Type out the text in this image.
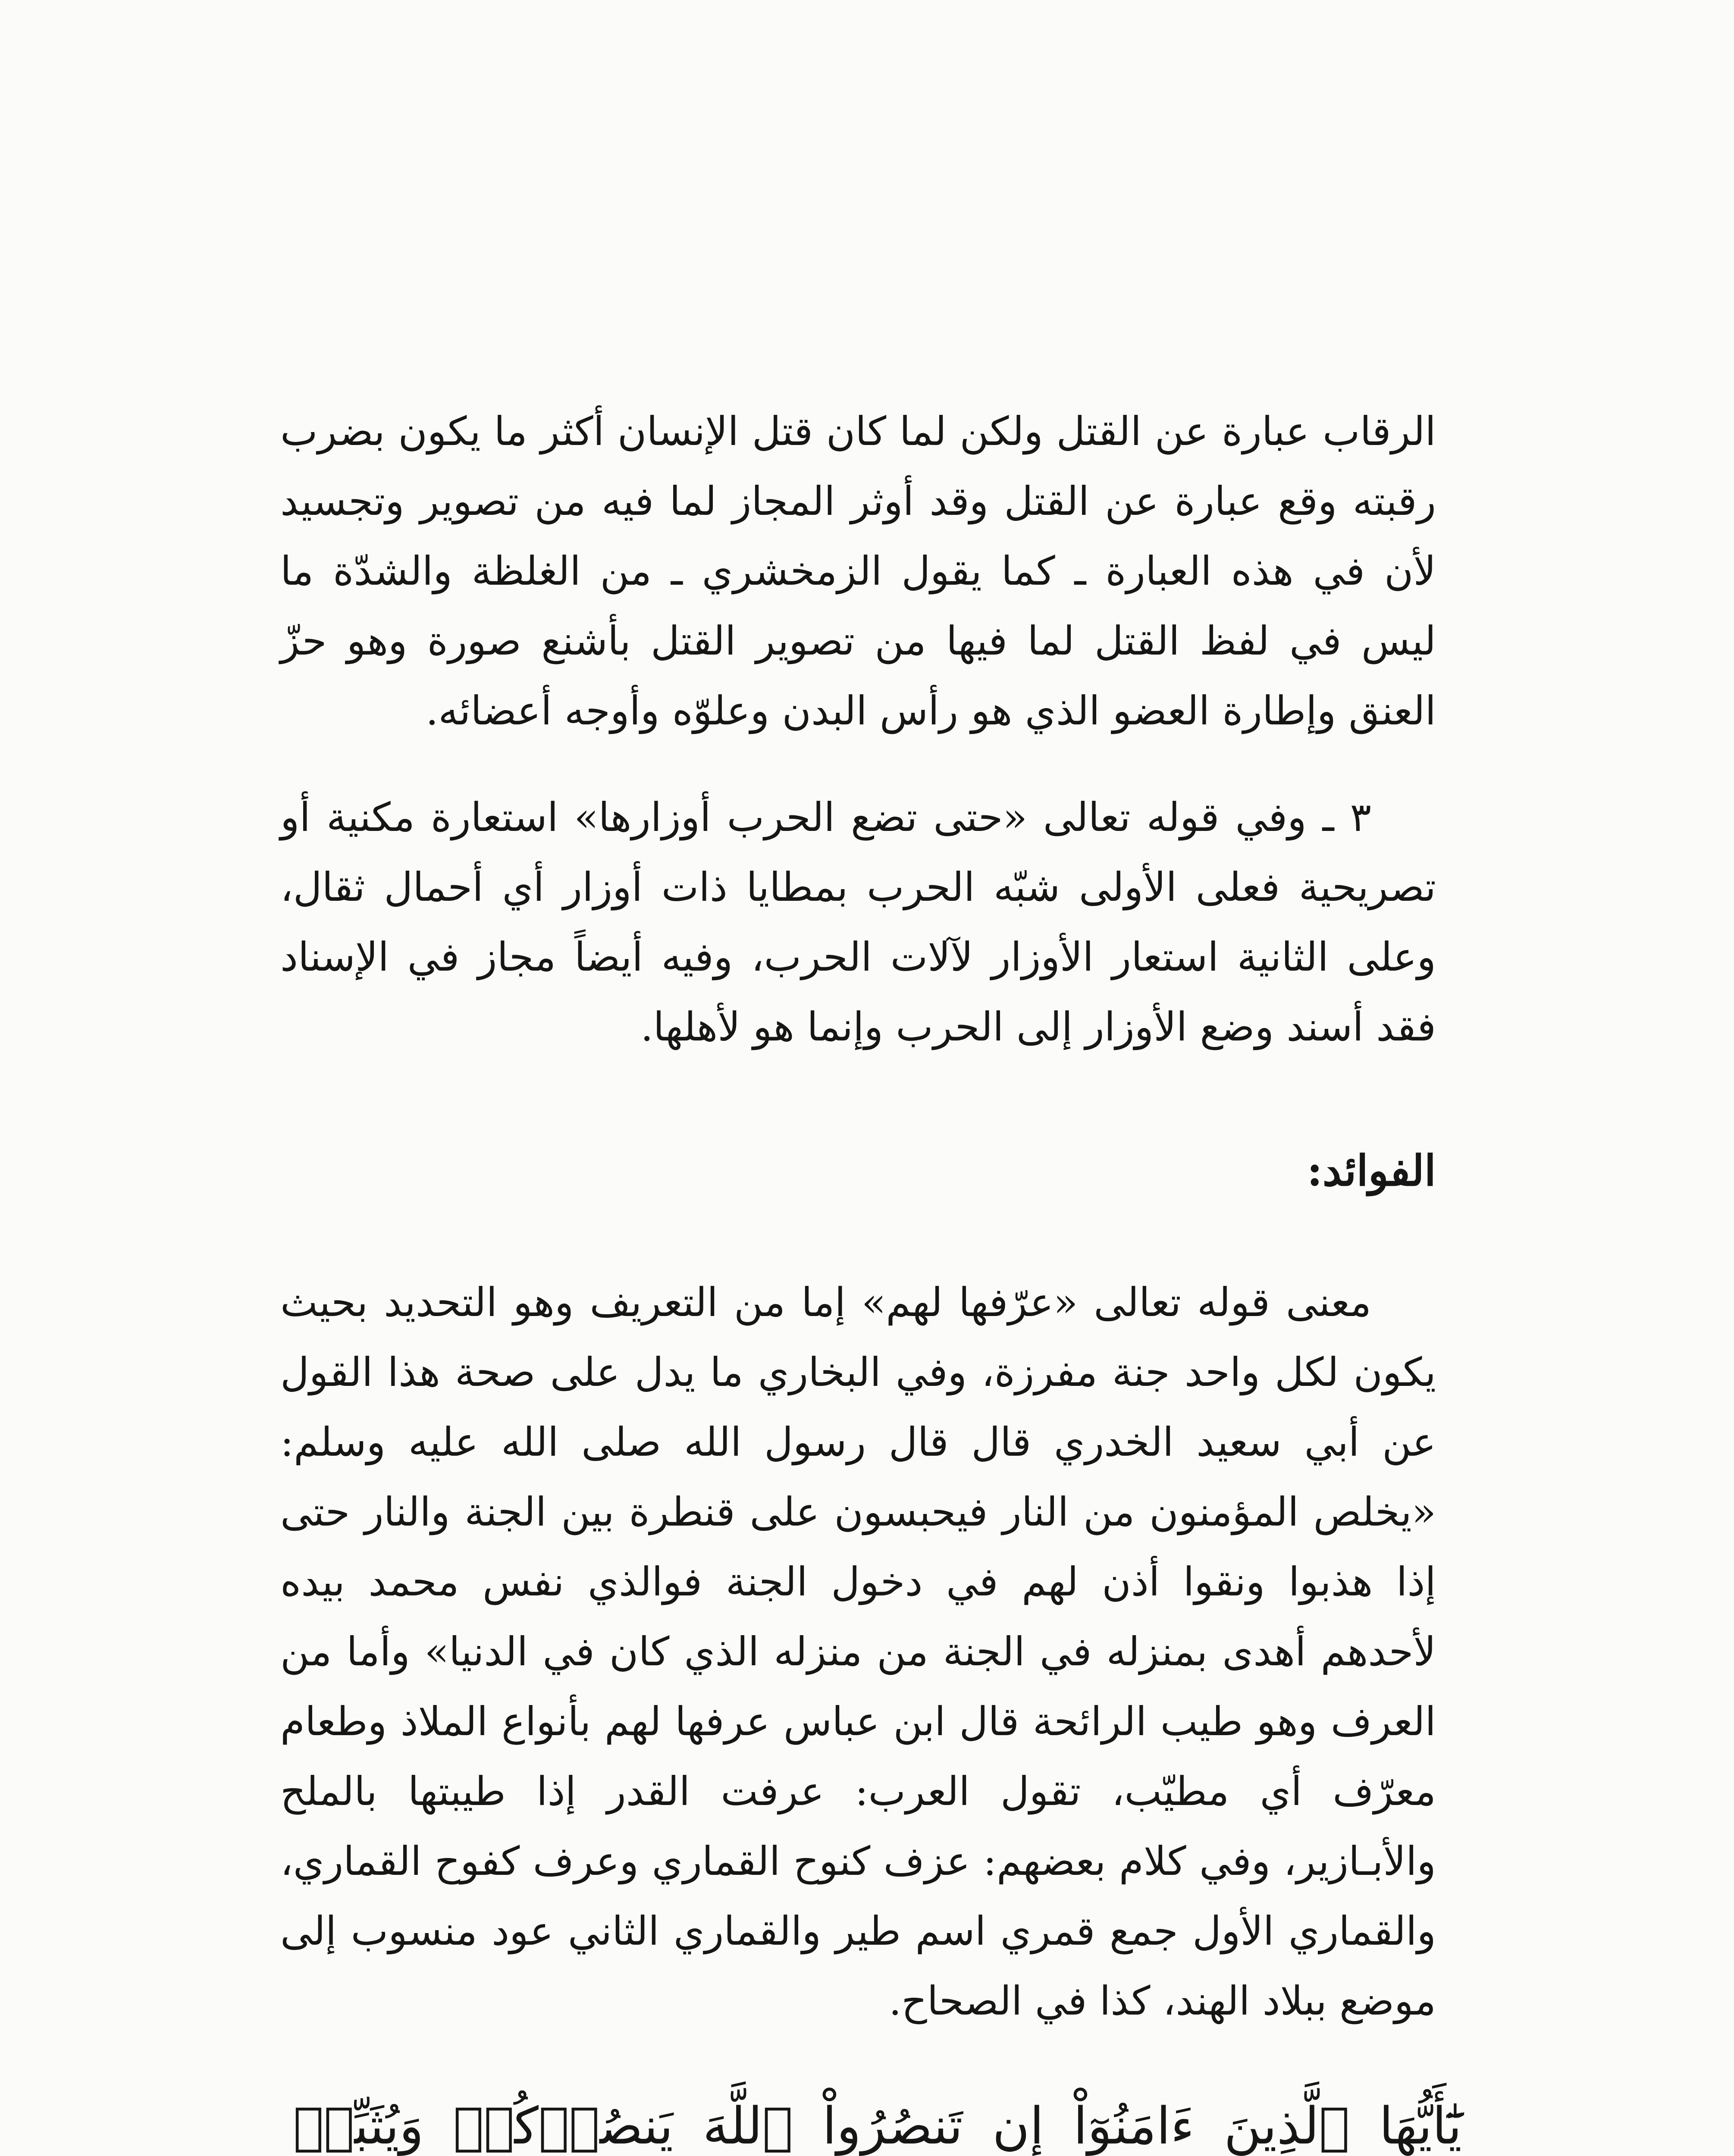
الرقاب عبارة عن القتل ولكن لما كان قتل الإنسان أكثر ما يكون بضرب رقبته وقع عبارة عن القتل وقد أوثر المجاز لما فيه من تصوير وتجسيد لأن في هذه العبارة ـ كما يقول الزمخشري ـ من الغلظة والشدّة ما ليس في لفظ القتل لما فيها من تصوير القتل بأشنع صورة وهو حزّ العنق وإطارة العضو الذي هو رأس البدن وعلوّه وأوجه أعضائه.

٣ ـ وفي قوله تعالى «حتى تضع الحرب أوزارها» استعارة مكنية أو تصريحية فعلى الأولى شبّه الحرب بمطايا ذات أوزار أي أحمال ثقال، وعلى الثانية استعار الأوزار لآلات الحرب، وفيه أيضاً مجاز في الإسناد فقد أسند وضع الأوزار إلى الحرب وإنما هو لأهلها.

الفوائد:

معنى قوله تعالى «عرّفها لهم» إما من التعريف وهو التحديد بحيث يكون لكل واحد جنة مفرزة، وفي البخاري ما يدل على صحة هذا القول عن أبي سعيد الخدري قال قال رسول الله صلى الله عليه وسلم: «يخلص المؤمنون من النار فيحبسون على قنطرة بين الجنة والنار حتى إذا هذبوا ونقوا أذن لهم في دخول الجنة فوالذي نفس محمد بيده لأحدهم أهدى بمنزله في الجنة من منزله الذي كان في الدنيا» وأما من العرف وهو طيب الرائحة قال ابن عباس عرفها لهم بأنواع الملاذ وطعام معرّف أي مطيّب، تقول العرب: عرفت القدر إذا طيبتها بالملح والأبـازير، وفي كلام بعضهم: عزف كنوح القماري وعرف كفوح القماري، والقماري الأول جمع قمري اسم طير والقماري الثاني عود منسوب إلى موضع ببلاد الهند، كذا في الصحاح.

يَٰٓأَيُّهَا ٱلَّذِينَ ءَامَنُوٓاْ إِن تَنصُرُواْ ٱللَّهَ يَنصُرۡكُمۡ وَيُثَبِّتۡ
